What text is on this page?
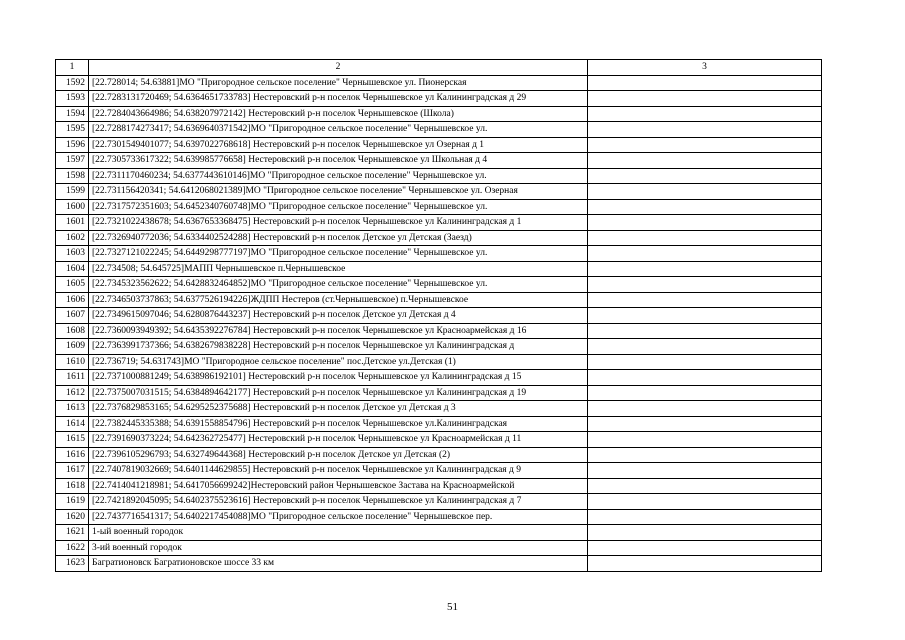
1	2	3
1592	[22.728014; 54.63881]МО "Пригородное сельское поселение" Чернышевское ул. Пионерская	
1593	[22.7283131720469; 54.6364651733783] Нестеровский р-н поселок Чернышевское ул Калининградская д 29	
1594	[22.7284043664986; 54.638207972142] Нестеровский р-н поселок Чернышевское (Школа)	
1595	[22.7288174273417; 54.6369640371542]МО "Пригородное сельское поселение" Чернышевское ул.	
1596	[22.7301549401077; 54.6397022768618] Нестеровский р-н поселок Чернышевское ул Озерная д 1	
1597	[22.7305733617322; 54.639985776658] Нестеровский р-н поселок Чернышевское ул Школьная д 4	
1598	[22.7311170460234; 54.6377443610146]МО "Пригородное сельское поселение" Чернышевское ул.	
1599	[22.731156420341; 54.6412068021389]МО "Пригородное сельское поселение" Чернышевское ул. Озерная	
1600	[22.7317572351603; 54.6452340760748]МО "Пригородное сельское поселение" Чернышевское ул.	
1601	[22.7321022438678; 54.6367653368475] Нестеровский р-н поселок Чернышевское ул Калининградская д 1	
1602	[22.7326940772036; 54.6334402524288] Нестеровский р-н поселок Детское ул Детская (Заезд)	
1603	[22.7327121022245; 54.6449298777197]МО "Пригородное сельское поселение" Чернышевское ул.	
1604	[22.734508; 54.645725]МАПП Чернышевское п.Чернышевское	
1605	[22.7345323562622; 54.6428832464852]МО "Пригородное сельское поселение" Чернышевское ул.	
1606	[22.7346503737863; 54.6377526194226]ЖДПП Нестеров (ст.Чернышевское) п.Чернышевское	
1607	[22.7349615097046; 54.6280876443237] Нестеровский р-н поселок Детское ул Детская д 4	
1608	[22.7360093949392; 54.6435392276784] Нестеровский р-н поселок Чернышевское ул Красноармейская д 16	
1609	[22.7363991737366; 54.6382679838228] Нестеровский р-н поселок Чернышевское ул Калининградская д	
1610	[22.736719; 54.631743]МО "Пригородное сельское поселение" пос.Детское ул.Детская (1)	
1611	[22.7371000881249; 54.638986192101] Нестеровский р-н поселок Чернышевское ул Калининградская д 15	
1612	[22.7375007031515; 54.6384894642177] Нестеровский р-н поселок Чернышевское ул Калининградская д 19	
1613	[22.7376829853165; 54.6295252375688] Нестеровский р-н поселок Детское ул Детская д 3	
1614	[22.7382445335388; 54.6391558854796] Нестеровский р-н поселок Чернышевское ул.Калининградская	
1615	[22.7391690373224; 54.642362725477] Нестеровский р-н поселок Чернышевское ул Красноармейская д 11	
1616	[22.7396105296793; 54.632749644368] Нестеровский р-н поселок Детское ул Детская (2)	
1617	[22.7407819032669; 54.6401144629855] Нестеровский р-н поселок Чернышевское ул Калининградская д 9	
1618	[22.7414041218981; 54.6417056699242]Нестеровский район Чернышевское Застава на Красноармейской	
1619	[22.7421892045095; 54.6402375523616] Нестеровский р-н поселок Чернышевское ул Калининградская д 7	
1620	[22.7437716541317; 54.6402217454088]МО "Пригородное сельское поселение" Чернышевское пер.	
1621	1-ый военный городок	
1622	3-ий военный городок	
1623	Багратионовск Багратионовское шоссе 33 км	
51
